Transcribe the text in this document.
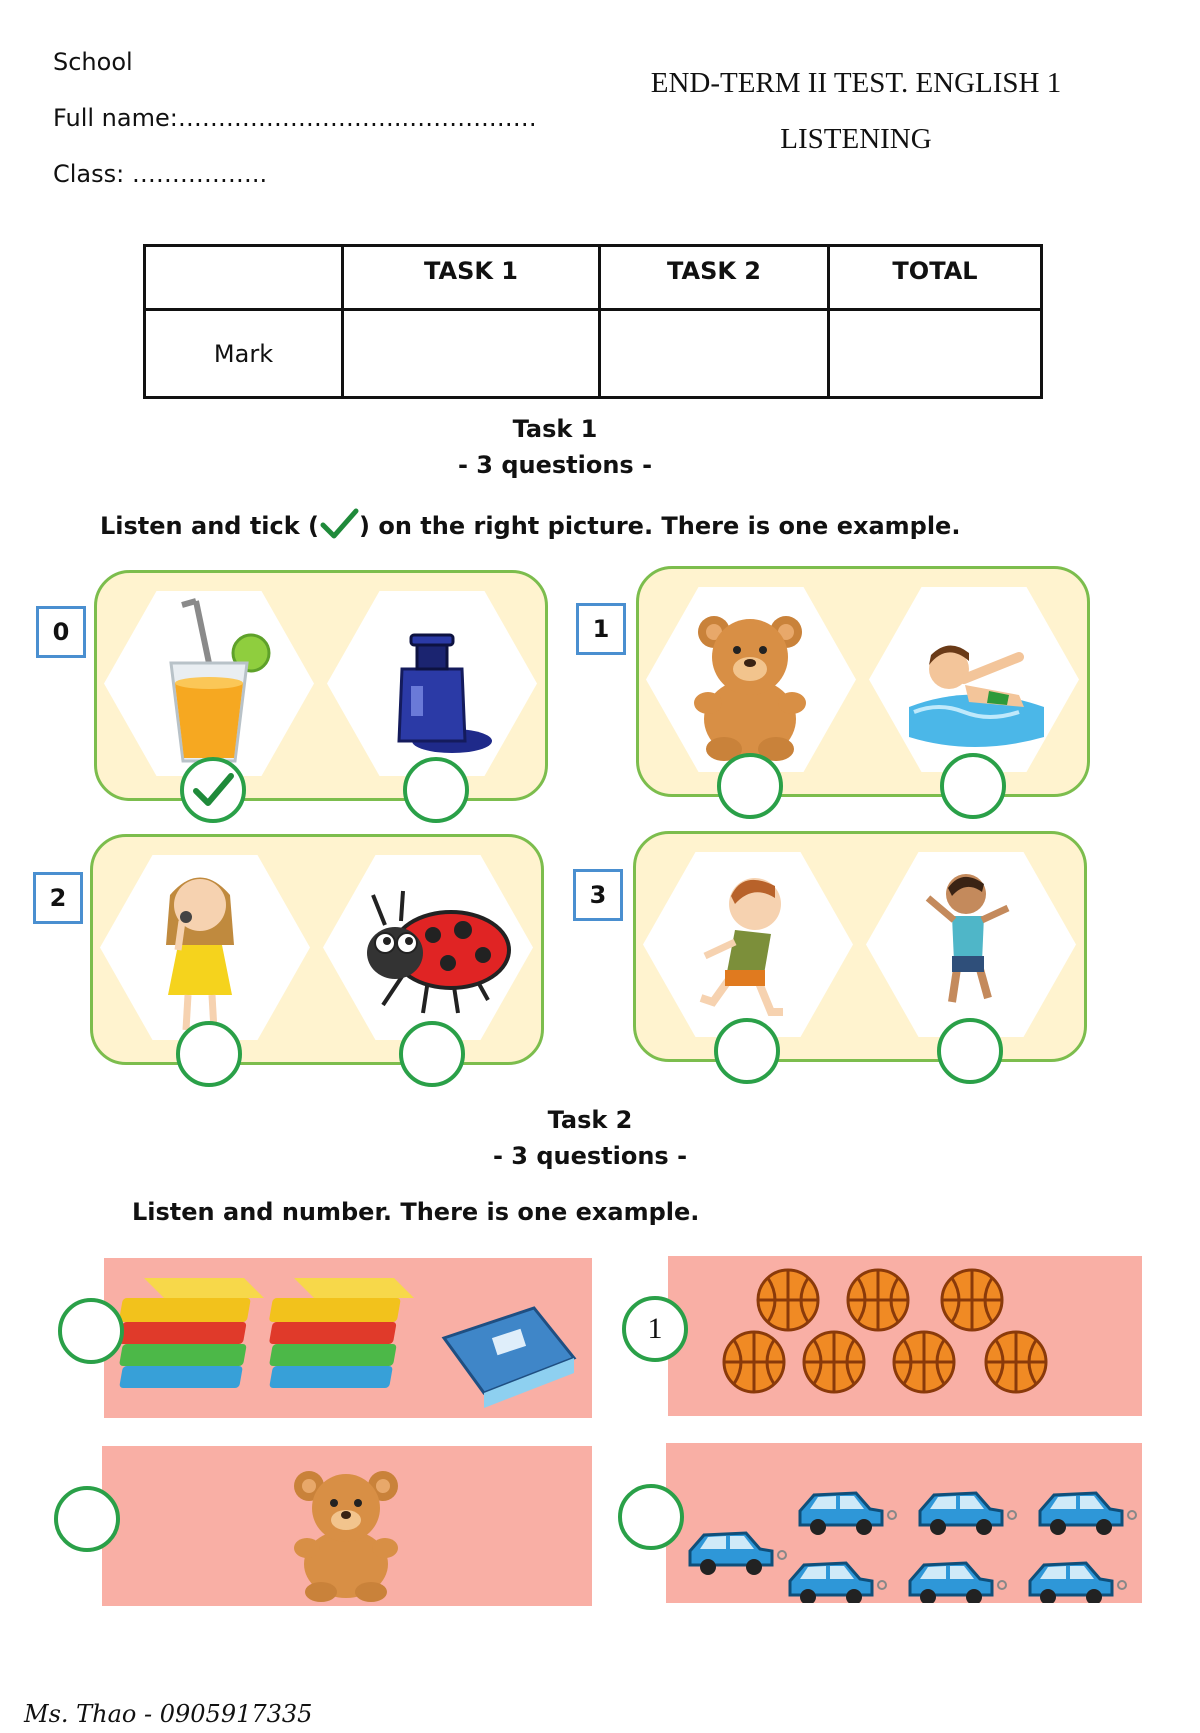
School
Full name:………………………..……….……
Class: ……………..
END-TERM II TEST. ENGLISH 1
LISTENING
	TASK 1	TASK 2	TOTAL
Mark			
Task 1
- 3 questions -
Listen and tick ( ) on the right picture. There is one example.
0	1
2	3
Task 2
- 3 questions -
Listen and number. There is one example.
1
Ms. Thao - 0905917335
